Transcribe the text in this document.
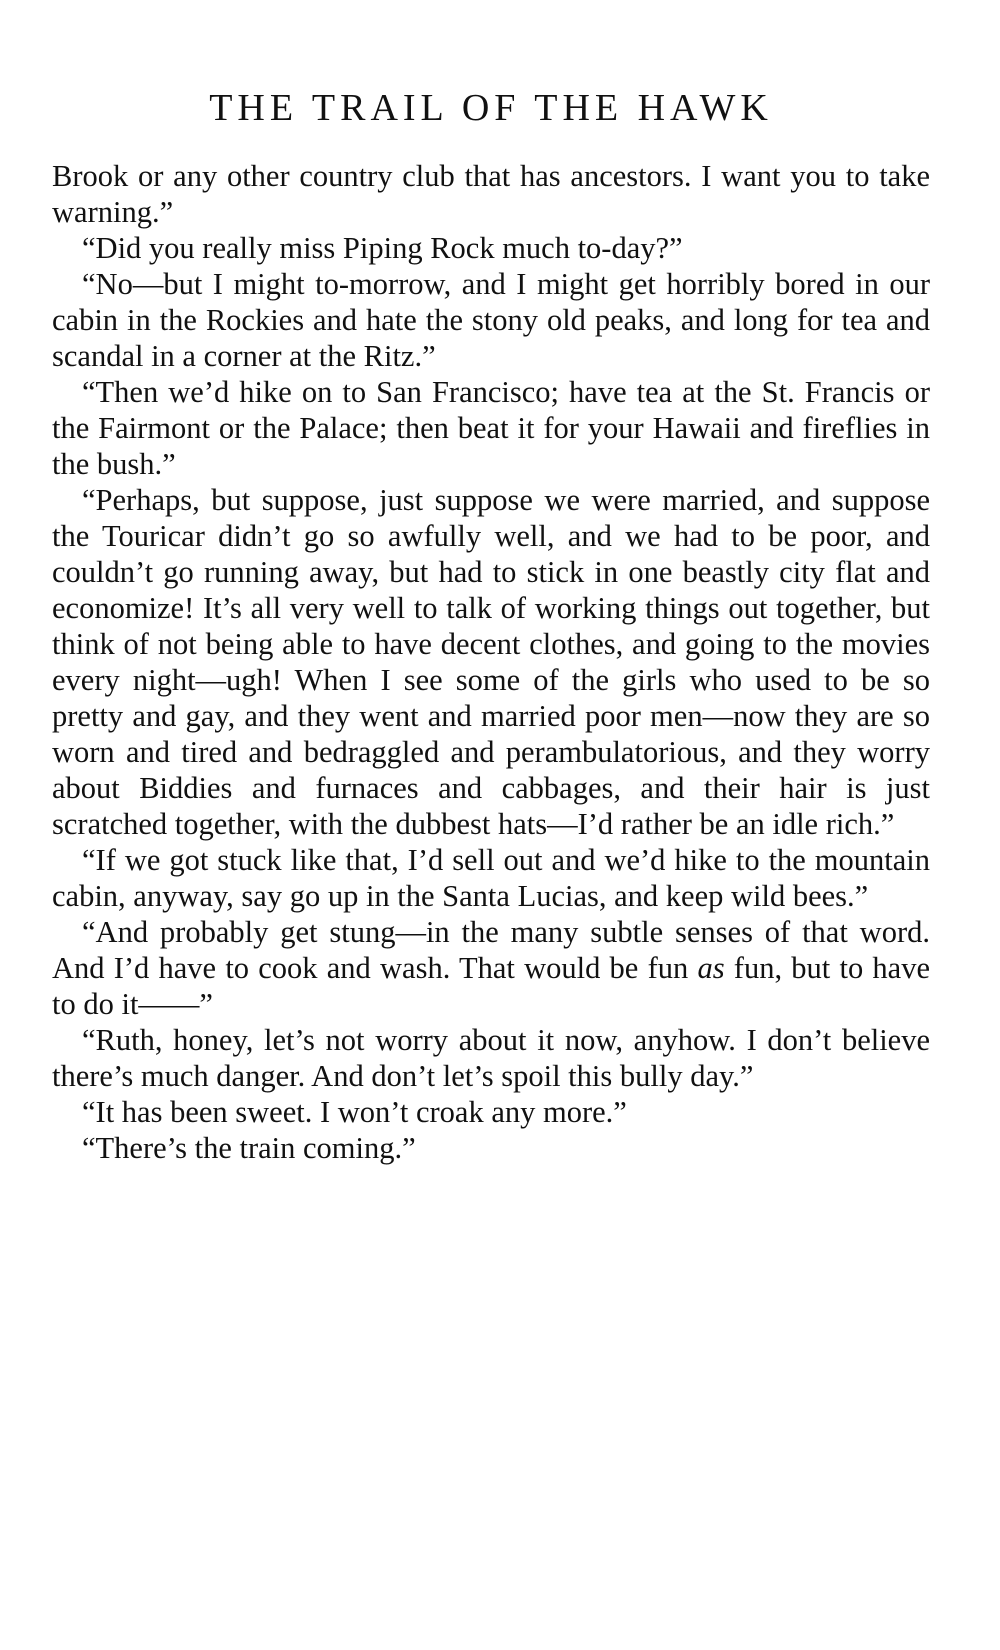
THE TRAIL OF THE HAWK

Brook or any other country club that has ancestors. I want you to take warning.”

“Did you really miss Piping Rock much to-day?”

“No—but I might to-morrow, and I might get horribly bored in our cabin in the Rockies and hate the stony old peaks, and long for tea and scandal in a corner at the Ritz.”

“Then we’d hike on to San Francisco; have tea at the St. Francis or the Fairmont or the Palace; then beat it for your Hawaii and fireflies in the bush.”

“Perhaps, but suppose, just suppose we were married, and suppose the Touricar didn’t go so awfully well, and we had to be poor, and couldn’t go running away, but had to stick in one beastly city flat and economize! It’s all very well to talk of working things out together, but think of not being able to have decent clothes, and going to the movies every night—ugh! When I see some of the girls who used to be so pretty and gay, and they went and married poor men—now they are so worn and tired and bedraggled and perambulatorious, and they worry about Biddies and furnaces and cabbages, and their hair is just scratched together, with the dubbest hats—I’d rather be an idle rich.”

“If we got stuck like that, I’d sell out and we’d hike to the mountain cabin, anyway, say go up in the Santa Lucias, and keep wild bees.”

“And probably get stung—in the many subtle senses of that word. And I’d have to cook and wash. That would be fun as fun, but to have to do it——”

“Ruth, honey, let’s not worry about it now, anyhow. I don’t believe there’s much danger. And don’t let’s spoil this bully day.”

“It has been sweet. I won’t croak any more.”

“There’s the train coming.”
